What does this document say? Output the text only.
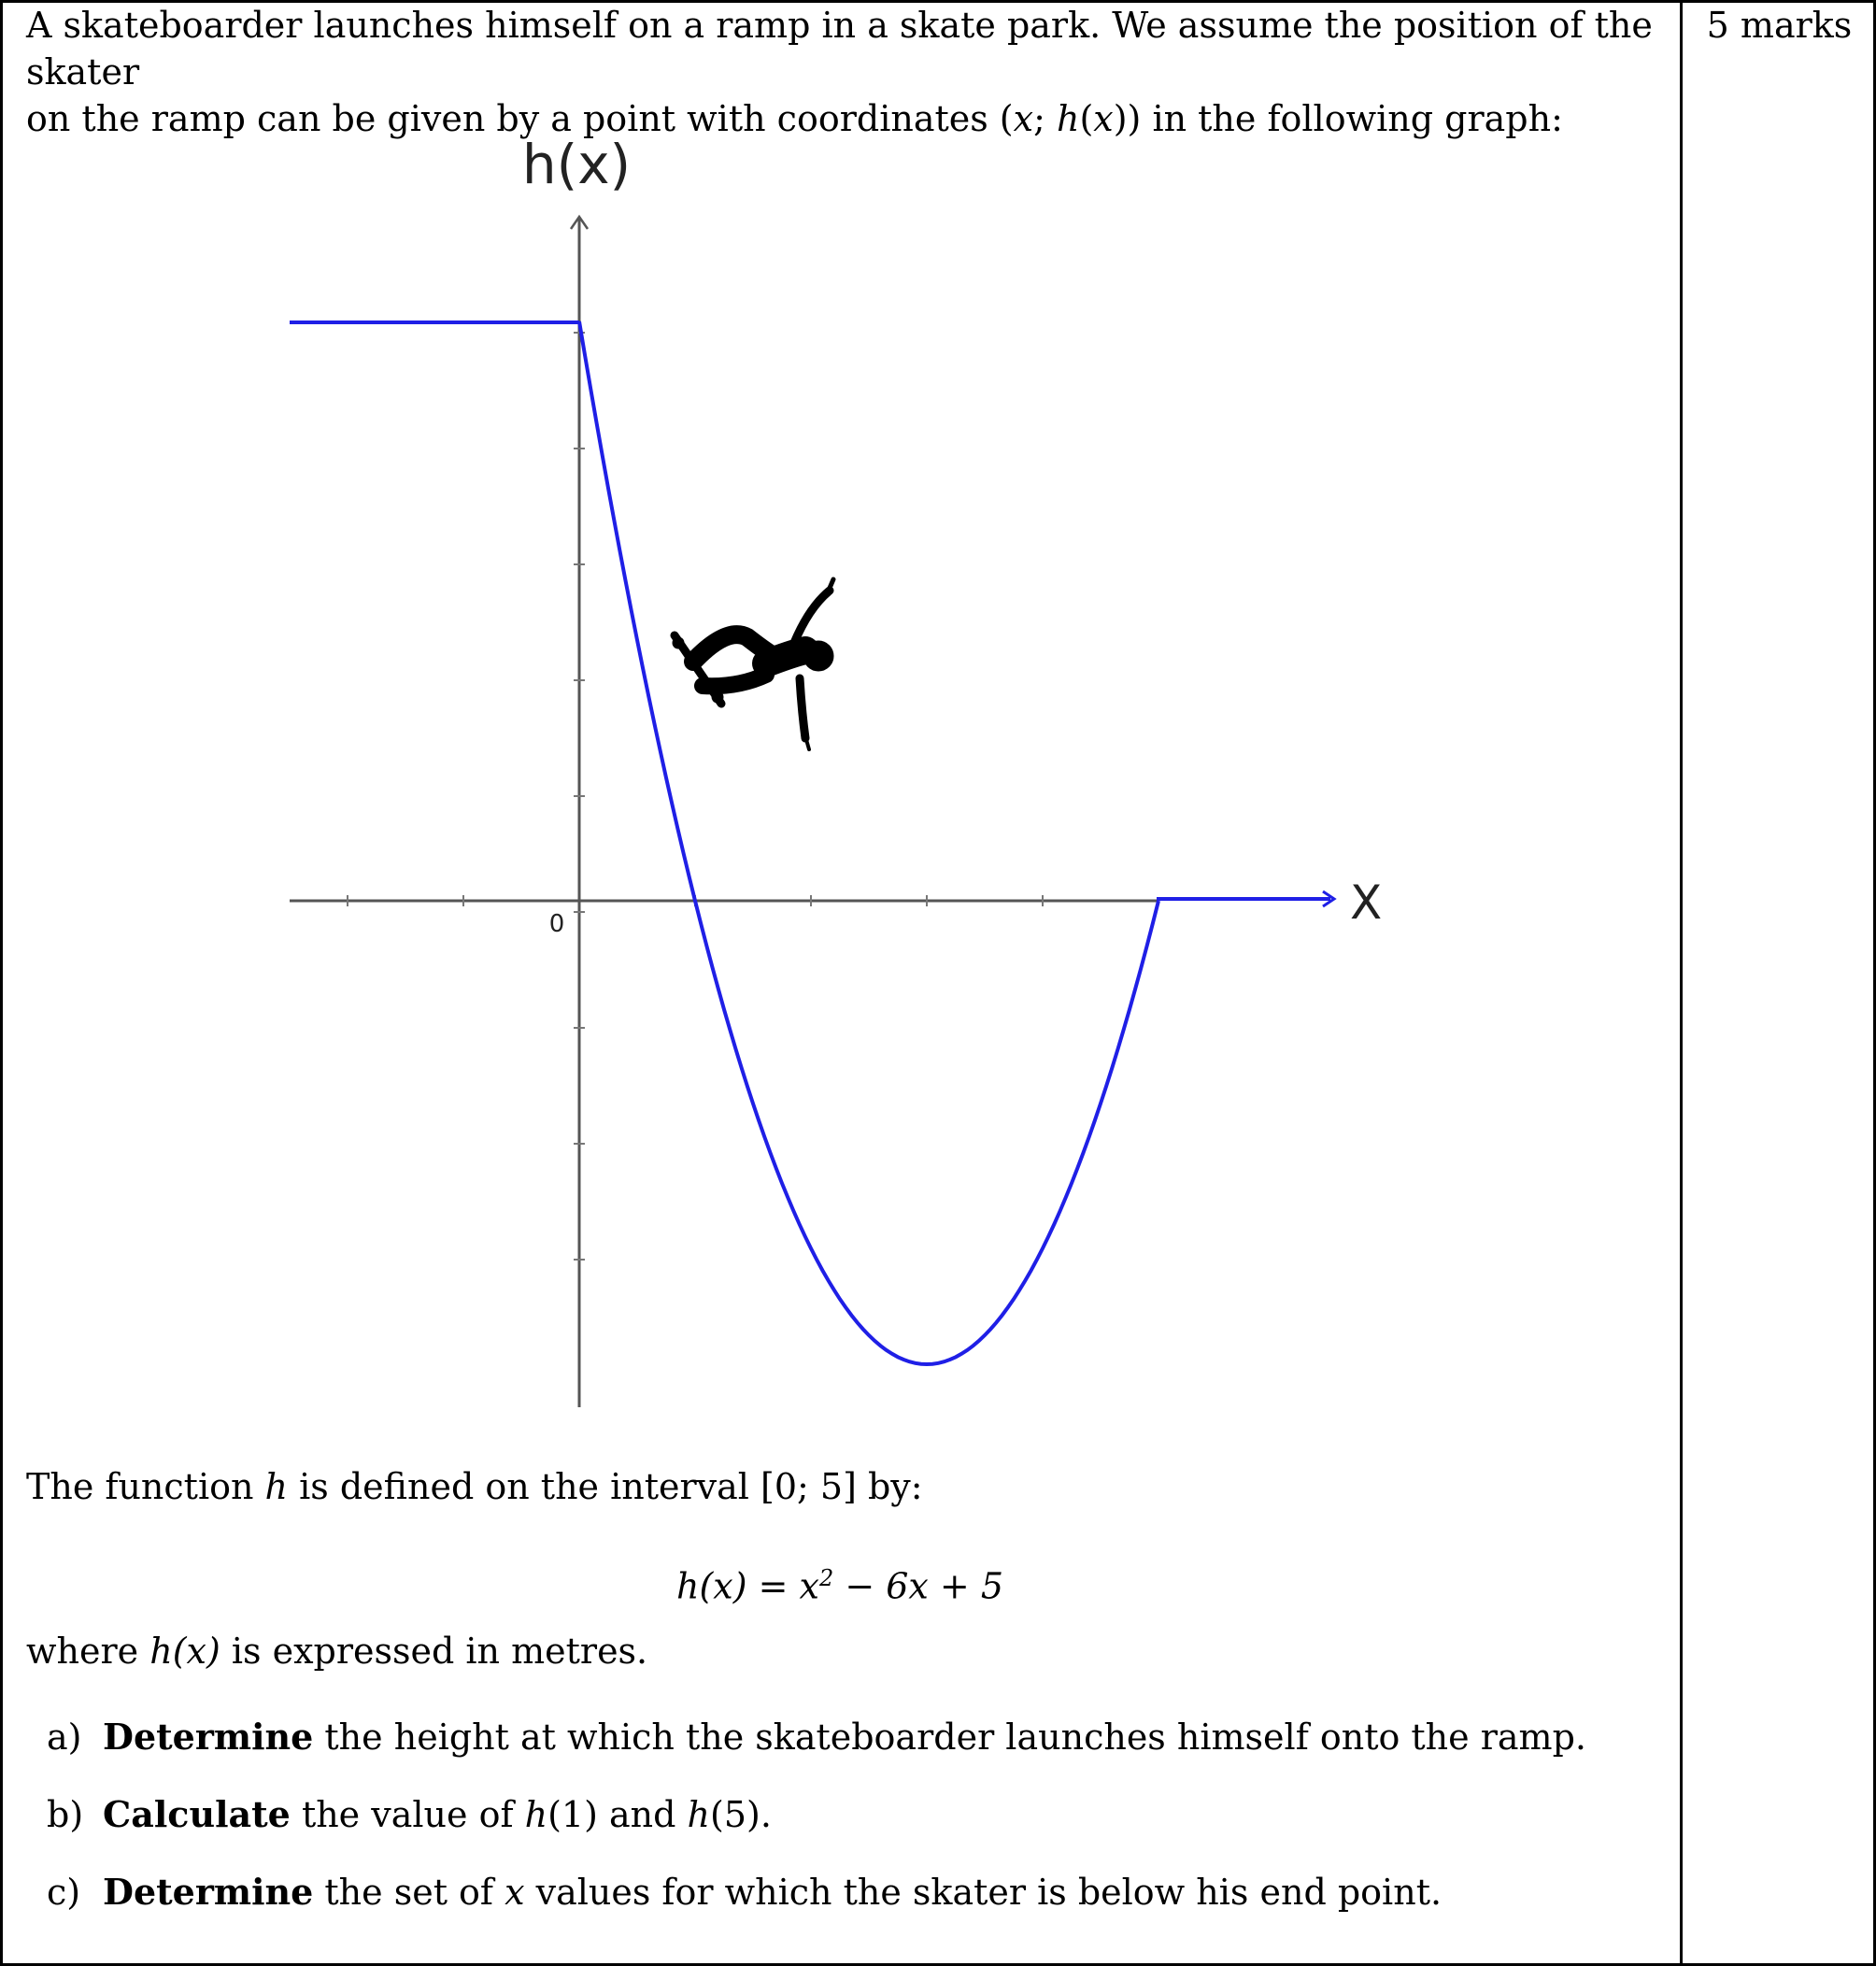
5 marks

A skateboarder launches himself on a ramp in a skate park. We assume the position of the skater

on the ramp can be given by a point with coordinates (x; h(x)) in the following graph:

h(x)
X
0
The function h is defined on the interval [0; 5] by:
$h(x) = x^2 - 6x + 5$
where h(x) is expressed in metres.
a) Determine the height at which the skateboarder launches himself onto the ramp.
b) Calculate the value of h(1) and h(5).
c) Determine the set of x values for which the skater is below his end point.
